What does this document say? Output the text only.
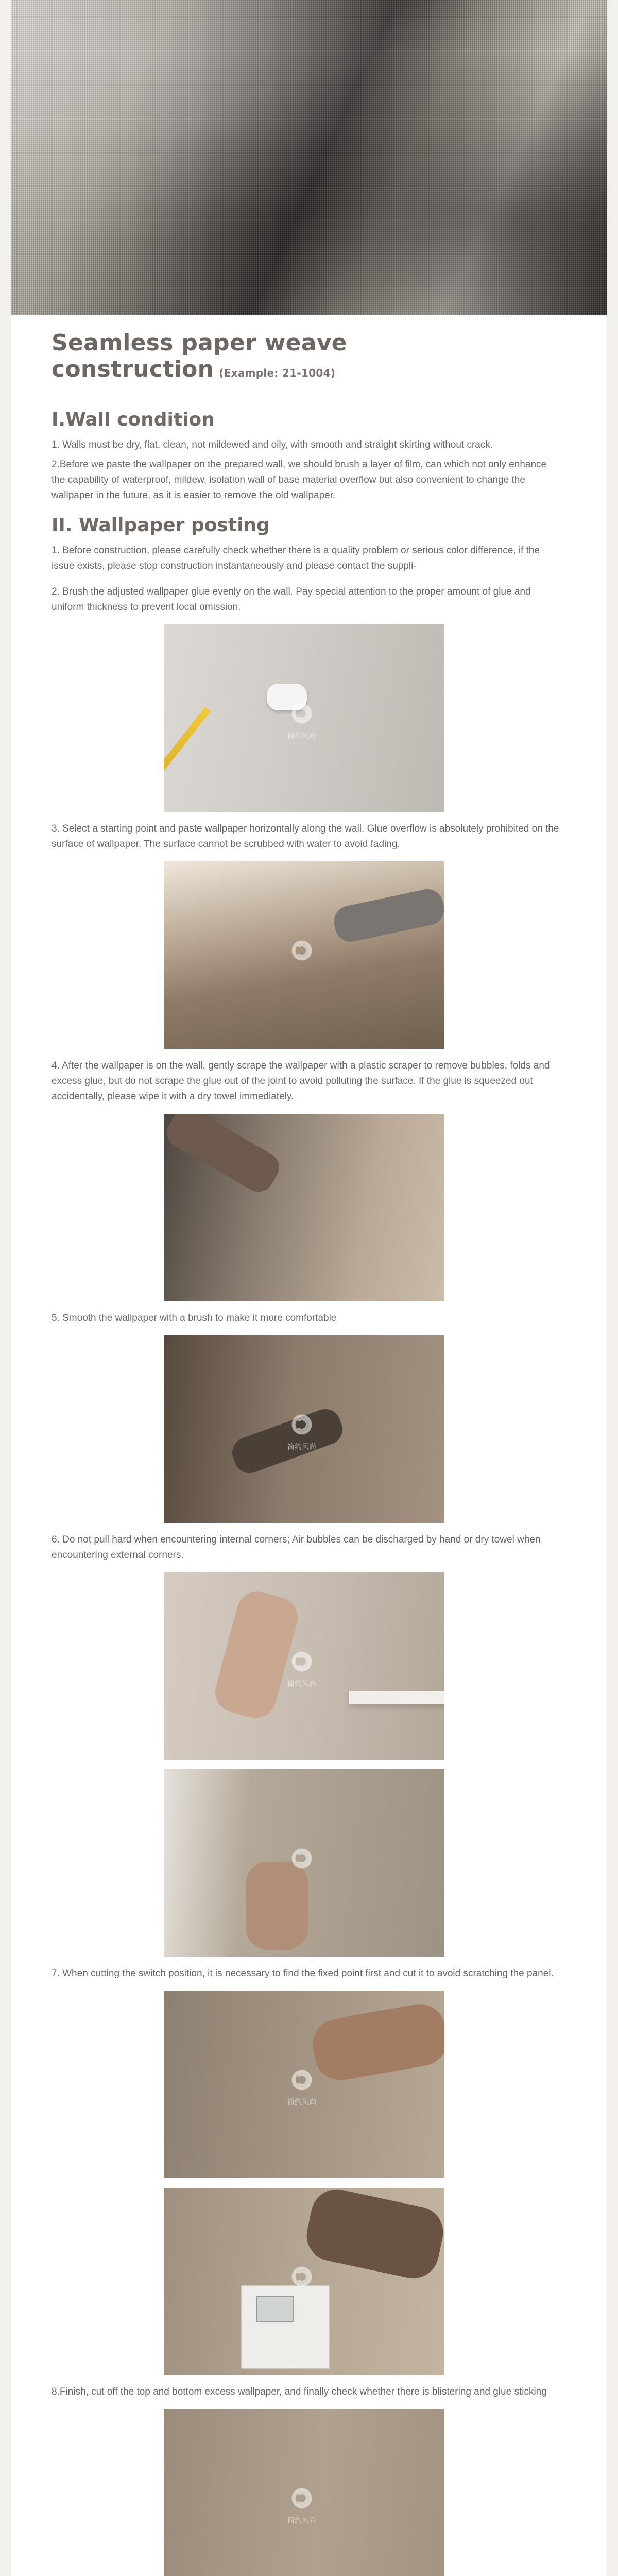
Seamless paper weave construction (Example: 21-1004)
I.Wall condition

1. Walls must be dry, flat, clean, not mildewed and oily, with smooth and straight skirting without crack.

2.Before we paste the wallpaper on the prepared wall, we should brush a layer of film, can which not only enhance the capability of waterproof, mildew, isolation wall of base material overflow but also convenient to change the wallpaper in the future, as it is easier to remove the old wallpaper.

II. Wallpaper posting

1. Before construction, please carefully check whether there is a quality problem or serious color difference, if the issue exists, please stop construction instantaneously and please contact the suppli-

2. Brush the adjusted wallpaper glue evenly on the wall. Pay special attention to the proper amount of glue and uniform thickness to prevent local omission.

简约风尚

3. Select a starting point and paste wallpaper horizontally along the wall. Glue overflow is absolutely prohibited on the surface of wallpaper. The surface cannot be scrubbed with water to avoid fading.

4. After the wallpaper is on the wall, gently scrape the wallpaper with a plastic scraper to remove bubbles, folds and excess glue, but do not scrape the glue out of the joint to avoid polluting the surface. If the glue is squeezed out accidentally, please wipe it with a dry towel immediately.

5. Smooth the wallpaper with a brush to make it more comfortable

简约风尚

6. Do not pull hard when encountering internal corners; Air bubbles can be discharged by hand or dry towel when encountering external corners.

简约风尚

7. When cutting the switch position, it is necessary to find the fixed point first and cut it to avoid scratching the panel.

简约风尚

8.Finish, cut off the top and bottom excess wallpaper, and finally check whether there is blistering and glue sticking

简约风尚
